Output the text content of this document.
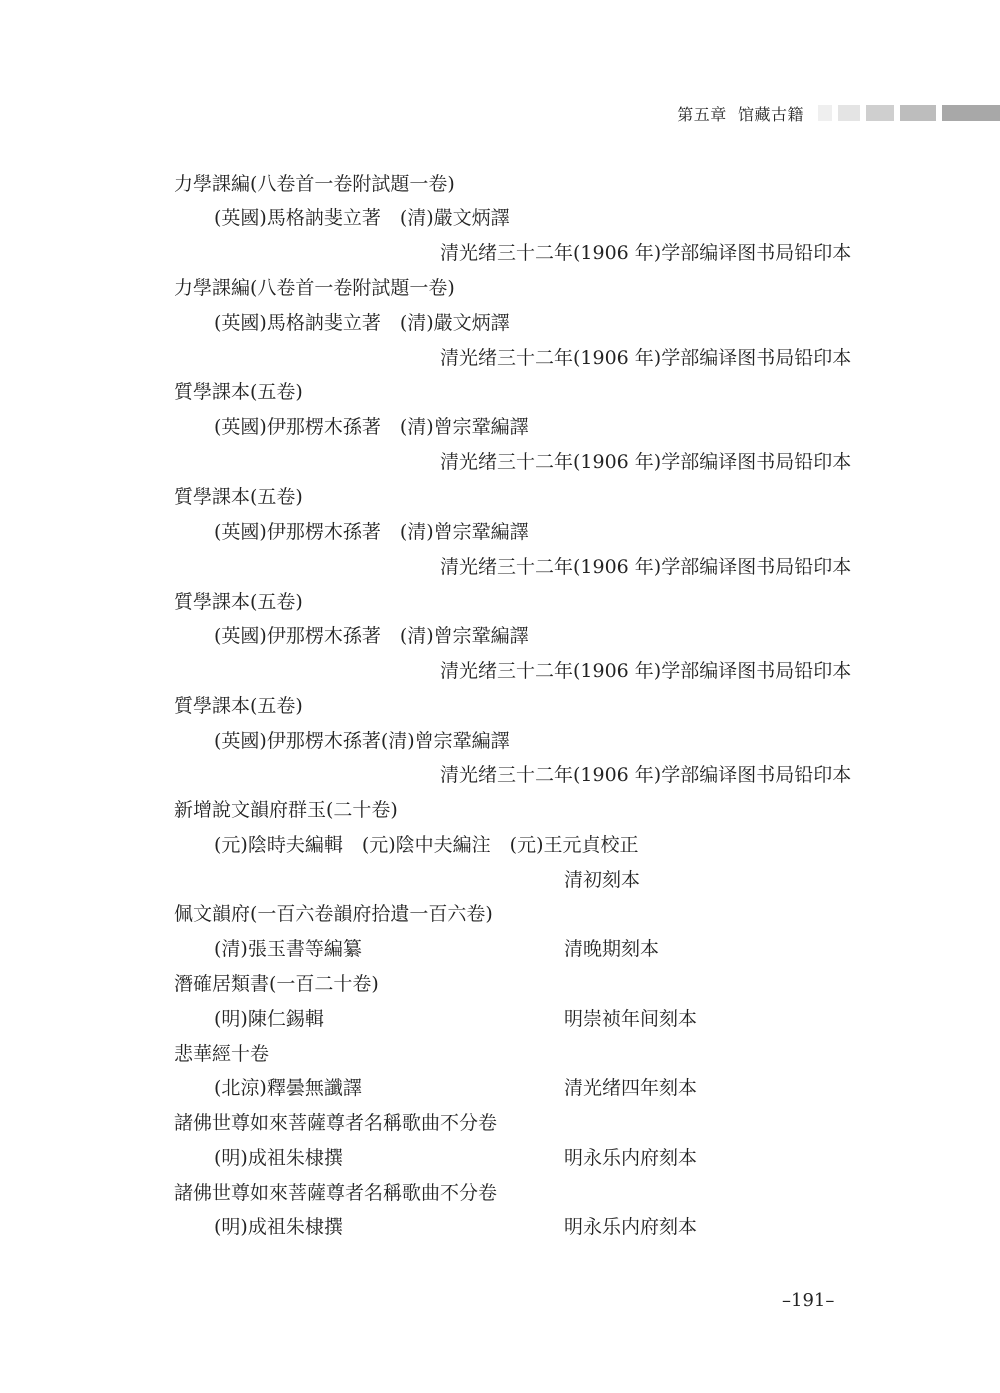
第五章 馆藏古籍
力學課編(八卷首一卷附試題一卷)
(英國)馬格訥斐立著　(清)嚴文炳譯
清光绪三十二年(1906 年)学部编译图书局铅印本
力學課編(八卷首一卷附試題一卷)
(英國)馬格訥斐立著　(清)嚴文炳譯
清光绪三十二年(1906 年)学部编译图书局铅印本
質學課本(五卷)
(英國)伊那楞木孫著　(清)曾宗鞏編譯
清光绪三十二年(1906 年)学部编译图书局铅印本
質學課本(五卷)
(英國)伊那楞木孫著　(清)曾宗鞏編譯
清光绪三十二年(1906 年)学部编译图书局铅印本
質學課本(五卷)
(英國)伊那楞木孫著　(清)曾宗鞏編譯
清光绪三十二年(1906 年)学部编译图书局铅印本
質學課本(五卷)
(英國)伊那楞木孫著(清)曾宗鞏編譯
清光绪三十二年(1906 年)学部编译图书局铅印本
新增說文韻府群玉(二十卷)
(元)陰時夫編輯　(元)陰中夫編注　(元)王元貞校正
清初刻本
佩文韻府(一百六卷韻府拾遺一百六卷)
(清)張玉書等編纂	清晚期刻本
潛確居類書(一百二十卷)
(明)陳仁錫輯	明崇祯年间刻本
悲華經十卷
(北涼)釋曇無讖譯	清光绪四年刻本
諸佛世尊如來菩薩尊者名稱歌曲不分卷
(明)成祖朱棣撰	明永乐内府刻本
諸佛世尊如來菩薩尊者名稱歌曲不分卷
(明)成祖朱棣撰	明永乐内府刻本
–191–
